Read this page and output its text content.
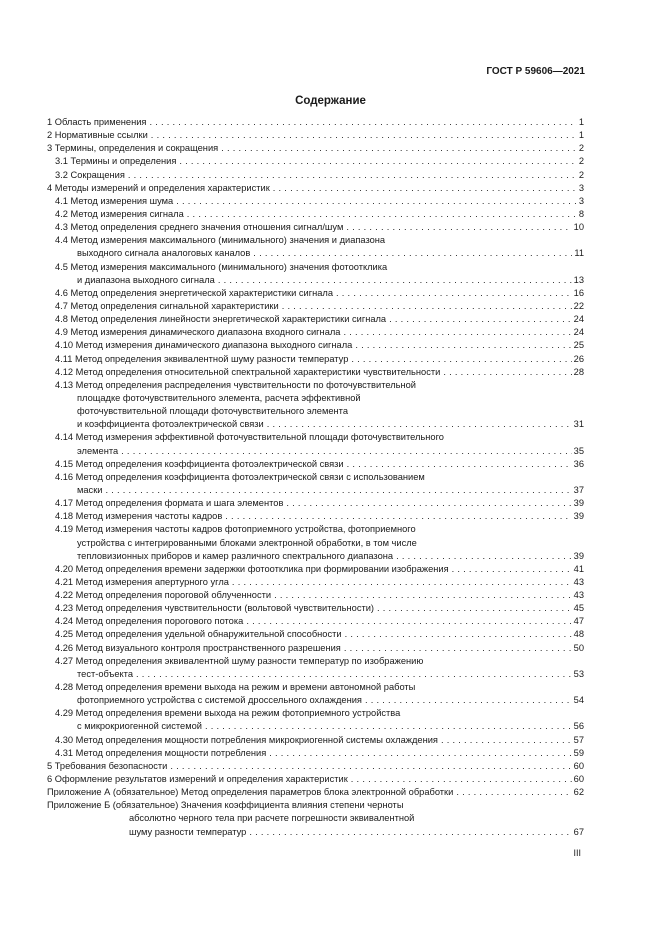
ГОСТ Р 59606—2021
Содержание
1 Область применения . . .	1
2 Нормативные ссылки . . .	1
3 Термины, определения и сокращения . . .	2
3.1 Термины и определения . . .	2
3.2 Сокращения . . .	2
4 Методы измерений и определения характеристик . . .	3
4.1 Метод измерения шума . . .	3
4.2 Метод измерения сигнала . . .	8
4.3 Метод определения среднего значения отношения сигнал/шум . . .	10
4.4 Метод измерения максимального (минимального) значения и диапазона
выходного сигнала аналоговых каналов . . .	11
4.5 Метод измерения максимального (минимального) значения фотоотклика
и диапазона выходного сигнала . . .	13
4.6 Метод определения энергетической характеристики сигнала . . .	16
4.7 Метод определения сигнальной характеристики . . .	22
4.8 Метод определения линейности энергетической характеристики сигнала . . .	24
4.9 Метод измерения динамического диапазона входного сигнала . . .	24
4.10 Метод измерения динамического диапазона выходного сигнала . . .	25
4.11 Метод определения эквивалентной шуму разности температур . . .	26
4.12 Метод определения относительной спектральной характеристики чувствительности . . .	28
4.13 Метод определения распределения чувствительности по фоточувствительной
площадке фоточувствительного элемента, расчета эффективной
фоточувствительной площади фоточувствительного элемента
и коэффициента фотоэлектрической связи . . .	31
4.14 Метод измерения эффективной фоточувствительной площади фоточувствительного
элемента . . .	35
4.15 Метод определения коэффициента фотоэлектрической связи . . .	36
4.16 Метод определения коэффициента фотоэлектрической связи с использованием
маски . . .	37
4.17 Метод определения формата и шага элементов . . .	39
4.18 Метод измерения частоты кадров . . .	39
4.19 Метод измерения частоты кадров фотоприемного устройства, фотоприемного
устройства с интегрированными блоками электронной обработки, в том числе
тепловизионных приборов и камер различного спектрального диапазона . . .	39
4.20 Метод определения времени задержки фотоотклика при формировании изображения . . .	41
4.21 Метод измерения апертурного угла . . .	43
4.22 Метод определения пороговой облученности . . .	43
4.23 Метод определения чувствительности (вольтовой чувствительности) . . .	45
4.24 Метод определения порогового потока . . .	47
4.25 Метод определения удельной обнаружительной способности . . .	48
4.26 Метод визуального контроля пространственного разрешения . . .	50
4.27 Метод определения эквивалентной шуму разности температур по изображению
тест-объекта . . .	53
4.28 Метод определения времени выхода на режим и времени автономной работы
фотоприемного устройства с системой дроссельного охлаждения . . .	54
4.29 Метод определения времени выхода на режим фотоприемного устройства
с микрокриогенной системой . . .	56
4.30 Метод определения мощности потребления микрокриогенной системы охлаждения . . .	57
4.31 Метод определения мощности потребления . . .	59
5 Требования безопасности . . .	60
6 Оформление результатов измерений и определения характеристик . . .	60
Приложение А (обязательное) Метод определения параметров блока электронной обработки . . .	62
Приложение Б (обязательное) Значения коэффициента влияния степени черноты
абсолютно черного тела при расчете погрешности эквивалентной
шуму разности температур . . .	67
III
